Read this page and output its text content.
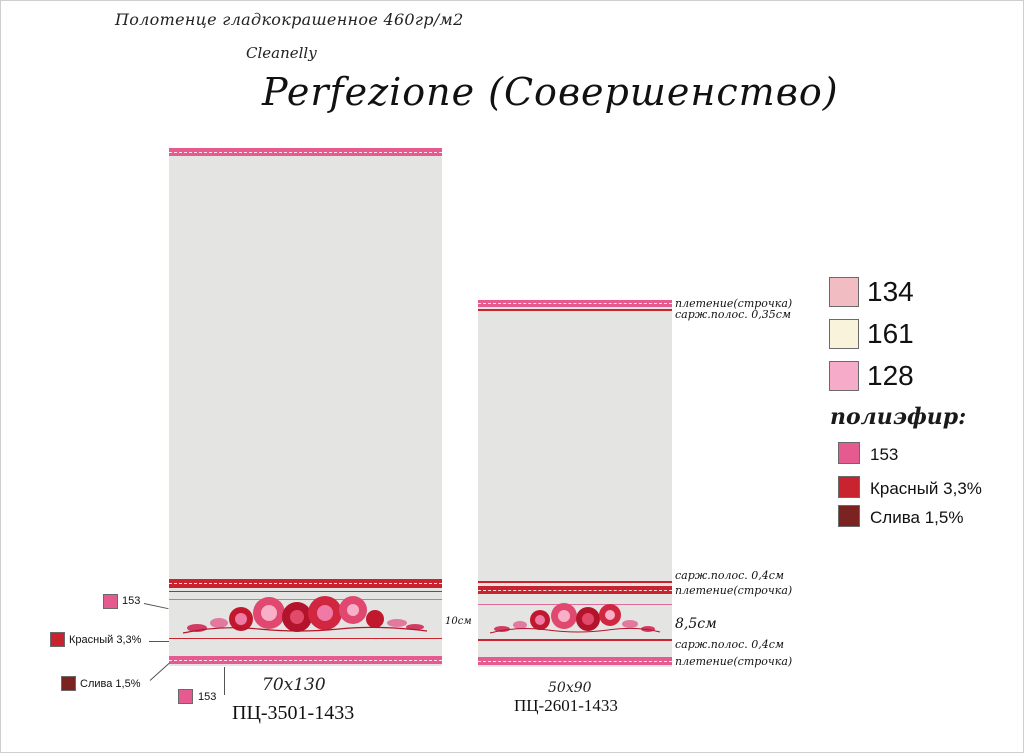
Полотенце гладкокрашенное 460гр/м2
Cleanelly
Perfezione (Совершенство)
10см
153
Красный 3,3%
Слива 1,5%
153
70x130
ПЦ-3501-1433
плетение(строчка)
сарж.полос. 0,35см
сарж.полос. 0,4см
плетение(строчка)
8,5см
сарж.полос. 0,4см
плетение(строчка)
50x90
ПЦ-2601-1433
134
161
128
полиэфир:
153
Красный 3,3%
Слива 1,5%
